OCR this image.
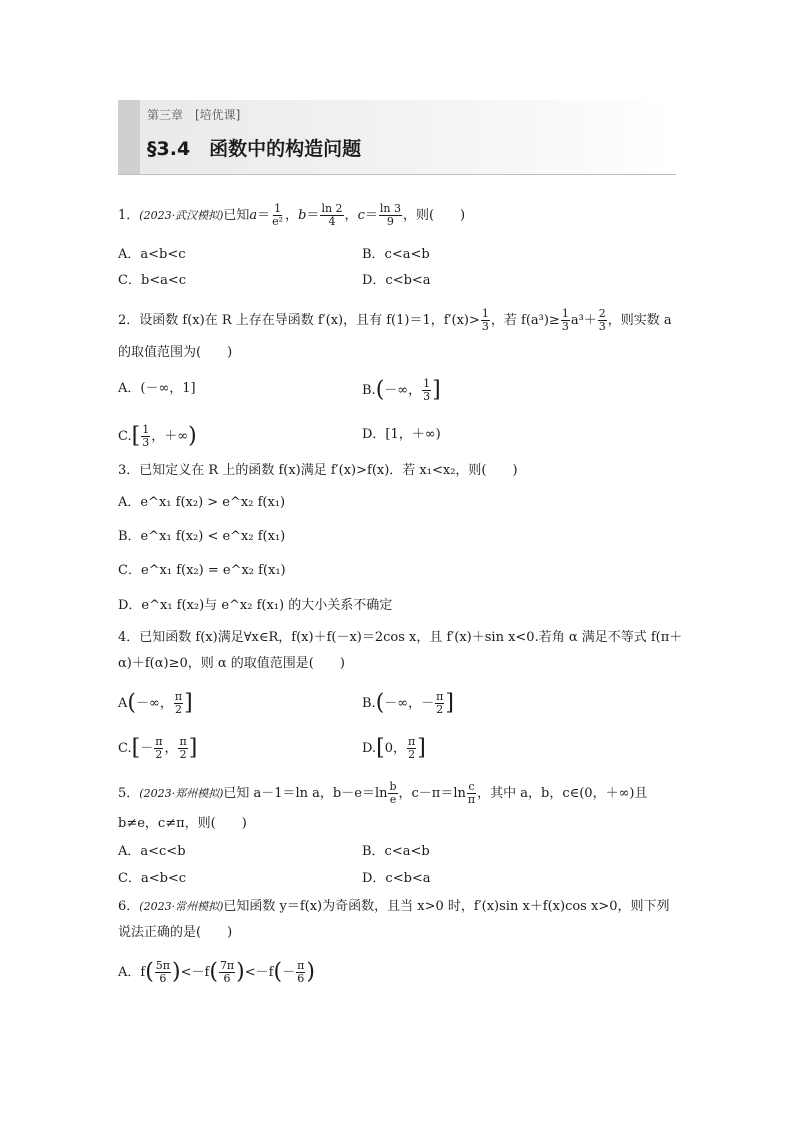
第三章　[培优课]
§3.4　函数中的构造问题
1．(2023·武汉模拟)已知$a= \frac{1}{\text{e²}}$ ，$b= \frac{\ln 2}{4}$ ，$c= \frac{\ln 3}{9}$ ，则(　　)
A．a<b<c	B．c<a<b
C．b<a<c	D．c<b<a
2．设函数 f(x)在 R 上存在导函数 f′(x)，且有 f(1)＝1，$f'(x)> \frac{1}{3}$ ，若 $f(a^3)\ge \frac{1}{3} a^3+ \frac{2}{3}$ ，则实数 a
的取值范围为(　　)
A．(－∞，1]	B.(－∞， $\frac{1}{3}$ ]
$C.[ \frac{1}{3}$ ，＋∞)	D．[1，＋∞)
3．已知定义在 R 上的函数 f(x)满足 f′(x)>f(x)．若 x₁<x₂，则(　　)
A．e^x₁ f(x₂) > e^x₂ f(x₁)
B．e^x₁ f(x₂) < e^x₂ f(x₁)
C．e^x₁ f(x₂) = e^x₂ f(x₁)
D．e^x₁ f(x₂)与 e^x₂ f(x₁) 的大小关系不确定
4．已知函数 f(x)满足∀x∈R，f(x)＋f(－x)＝2cos x，且 f′(x)＋sin x<0.若角 α 满足不等式 f(π＋
α)＋f(α)≥0，则 α 的取值范围是(　　)
A(－∞， $\frac{\pi}{2}$ ]	B.(－∞，－ $\frac{\pi}{2}$ ]
$C.[- \frac{\pi}{2}$ ， $\frac{\pi}{2}$ ]	D.[0， $\frac{\pi}{2}$ ]
5．(2023·郑州模拟)已知 a－1＝ln a，$b-e=\ln \frac{b}{e}$ ，$c-\pi=\ln \frac{c}{\pi}$ ，其中 a，b，c∈(0，＋∞)且
b≠e，c≠π，则(　　)
A．a<c<b	B．c<a<b
C．a<b<c	D．c<b<a
6．(2023·常州模拟)已知函数 y＝f(x)为奇函数，且当 x>0 时，f′(x)sin x＋f(x)cos x>0，则下列
说法正确的是(　　)
A．$f( \frac{5\pi}{6} )<-f( \frac{7\pi}{6} )<-f(- \frac{\pi}{6}$ )
